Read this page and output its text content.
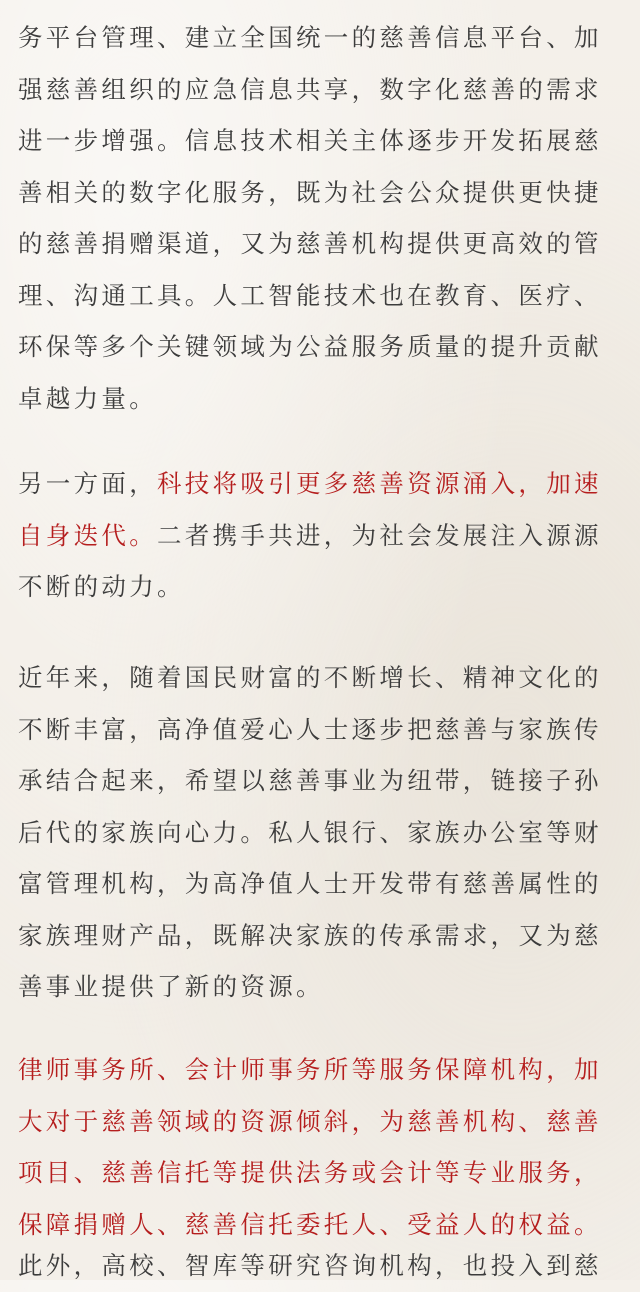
务平台管理、建立全国统一的慈善信息平台、加强慈善组织的应急信息共享，数字化慈善的需求进一步增强。信息技术相关主体逐步开发拓展慈善相关的数字化服务，既为社会公众提供更快捷的慈善捐赠渠道，又为慈善机构提供更高效的管理、沟通工具。人工智能技术也在教育、医疗、环保等多个关键领域为公益服务质量的提升贡献卓越力量。

另一方面，科技将吸引更多慈善资源涌入，加速自身迭代。二者携手共进，为社会发展注入源源不断的动力。

近年来，随着国民财富的不断增长、精神文化的不断丰富，高净值爱心人士逐步把慈善与家族传承结合起来，希望以慈善事业为纽带，链接子孙后代的家族向心力。私人银行、家族办公室等财富管理机构，为高净值人士开发带有慈善属性的家族理财产品，既解决家族的传承需求，又为慈善事业提供了新的资源。

律师事务所、会计师事务所等服务保障机构，加大对于慈善领域的资源倾斜，为慈善机构、慈善项目、慈善信托等提供法务或会计等专业服务，保障捐赠人、慈善信托委托人、受益人的权益。

此外，高校、智库等研究咨询机构，也投入到慈
